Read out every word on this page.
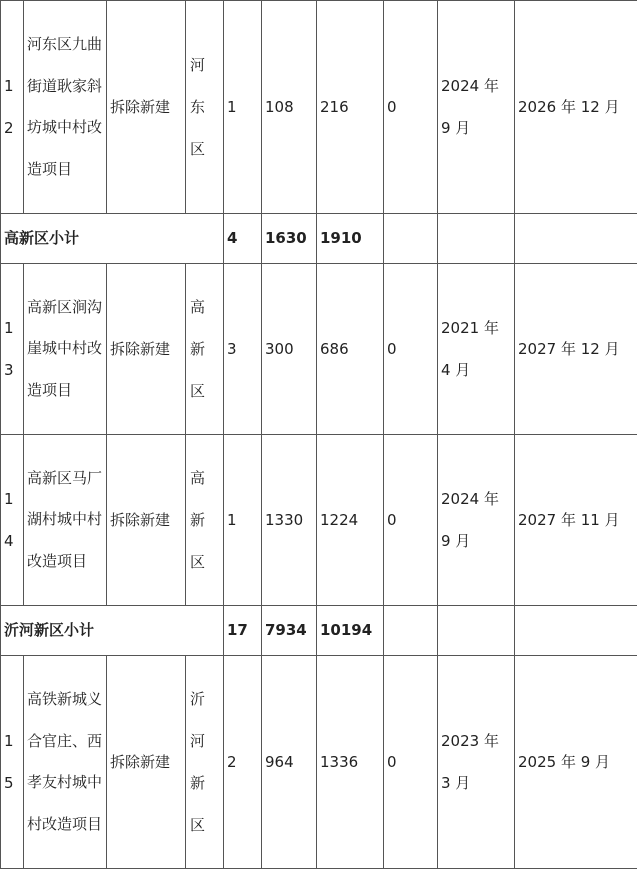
12	河东区九曲街道耿家斜坊城中村改造项目	拆除新建	河东区	1	108	216	0	2024 年 9 月	2026 年 12 月
高新区小计				4	1630	1910			

13	高新区涧沟崖城中村改造项目	拆除新建	高新区	3	300	686	0	2021 年 4 月	2027 年 12 月

14	高新区马厂湖村城中村改造项目	拆除新建	高新区	1	1330	1224	0	2024 年 9 月	2027 年 11 月
沂河新区小计				17	7934	10194			

15	高铁新城义合官庄、西孝友村城中村改造项目	拆除新建	沂河新区	2	964	1336	0	2023 年 3 月	2025 年 9 月
